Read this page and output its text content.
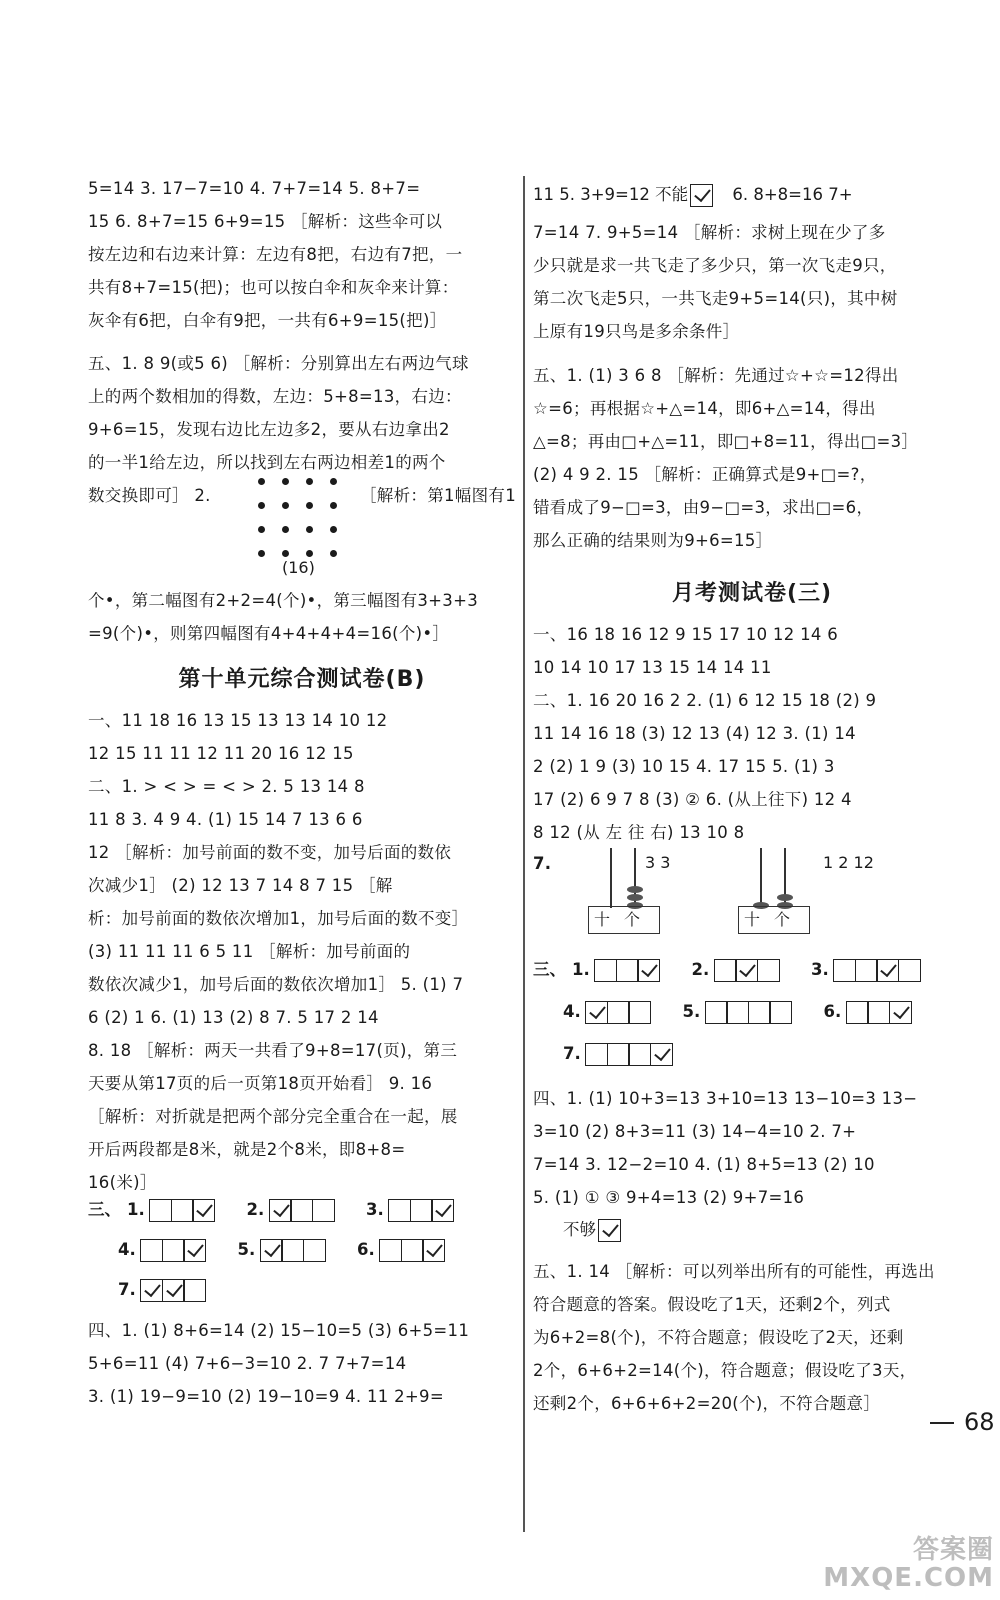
5=14 3. 17−7=10 4. 7+7=14 5. 8+7=
15 6. 8+7=15 6+9=15 ［解析：这些伞可以
按左边和右边来计算：左边有8把，右边有7把，一
共有8+7=15(把)；也可以按白伞和灰伞来计算：
灰伞有6把，白伞有9把，一共有6+9=15(把)］
五、1. 8 9(或5 6) ［解析：分别算出左右两边气球
上的两个数相加的得数，左边：5+8=13，右边：
9+6=15，发现右边比左边多2，要从右边拿出2
的一半1给左边，所以找到左右两边相差1的两个
数交换即可］ 2.	［解析：第1幅图有1
(16)
个•，第二幅图有2+2=4(个)•，第三幅图有3+3+3
=9(个)•，则第四幅图有4+4+4+4=16(个)•］
第十单元综合测试卷(B)
一、11 18 16 13 15 13 13 14 10 12
12 15 11 11 12 11 20 16 12 15
二、1. > < > = < > 2. 5 13 14 8
11 8 3. 4 9 4. (1) 15 14 7 13 6 6
12 ［解析：加号前面的数不变，加号后面的数依
次减少1］ (2) 12 13 7 14 8 7 15 ［解
析：加号前面的数依次增加1，加号后面的数不变］
(3) 11 11 11 6 5 11 ［解析：加号前面的
数依次减少1，加号后面的数依次增加1］ 5. (1) 7
6 (2) 1 6. (1) 13 (2) 8 7. 5 17 2 14
8. 18 ［解析：两天一共看了9+8=17(页)，第三
天要从第17页的后一页第18页开始看］ 9. 16
［解析：对折就是把两个部分完全重合在一起，展
开后两段都是8米，就是2个8米，即8+8=
16(米)］
三、 1.	2.	3.
4.	5.	6.
7.
四、1. (1) 8+6=14 (2) 15−10=5 (3) 6+5=11
5+6=11 (4) 7+6−3=10 2. 7 7+7=14
3. (1) 19−9=10 (2) 19−10=9 4. 11 2+9=
11 5. 3+9=12 不能	6. 8+8=16 7+
7=14 7. 9+5=14 ［解析：求树上现在少了多
少只就是求一共飞走了多少只，第一次飞走9只，
第二次飞走5只，一共飞走9+5=14(只)，其中树
上原有19只鸟是多余条件］
五、1. (1) 3 6 8 ［解析：先通过☆+☆=12得出
☆=6；再根据☆+△=14，即6+△=14，得出
△=8；再由□+△=11，即□+8=11，得出□=3］
(2) 4 9 2. 15 ［解析：正确算式是9+□=?，
错看成了9−□=3，由9−□=3，求出□=6，
那么正确的结果则为9+6=15］
月考测试卷(三)
一、16 18 16 12 9 15 17 10 12 14 6
10 14 10 17 13 15 14 14 11
二、1. 16 20 16 2 2. (1) 6 12 15 18 (2) 9
11 14 16 18 (3) 12 13 (4) 12 3. (1) 14
2 (2) 1 9 (3) 10 15 4. 17 15 5. (1) 3
17 (2) 6 9 7 8 (3) ② 6. (从上往下) 12 4
8 12 (从 左 往 右) 13 10 8
7.	3 3
十个
1 2 12
十个
三、 1.	2.	3.
4.	5.	6.
7.
四、1. (1) 10+3=13 3+10=13 13−10=3 13−
3=10 (2) 8+3=11 (3) 14−4=10 2. 7+
7=14 3. 12−2=10 4. (1) 8+5=13 (2) 10
5. (1) ① ③ 9+4=13 (2) 9+7=16
不够
五、1. 14 ［解析：可以列举出所有的可能性，再选出
符合题意的答案。假设吃了1天，还剩2个，列式
为6+2=8(个)，不符合题意；假设吃了2天，还剩
2个，6+6+2=14(个)，符合题意；假设吃了3天，
还剩2个，6+6+6+2=20(个)，不符合题意］
68
答案圈
MXQE.COM
